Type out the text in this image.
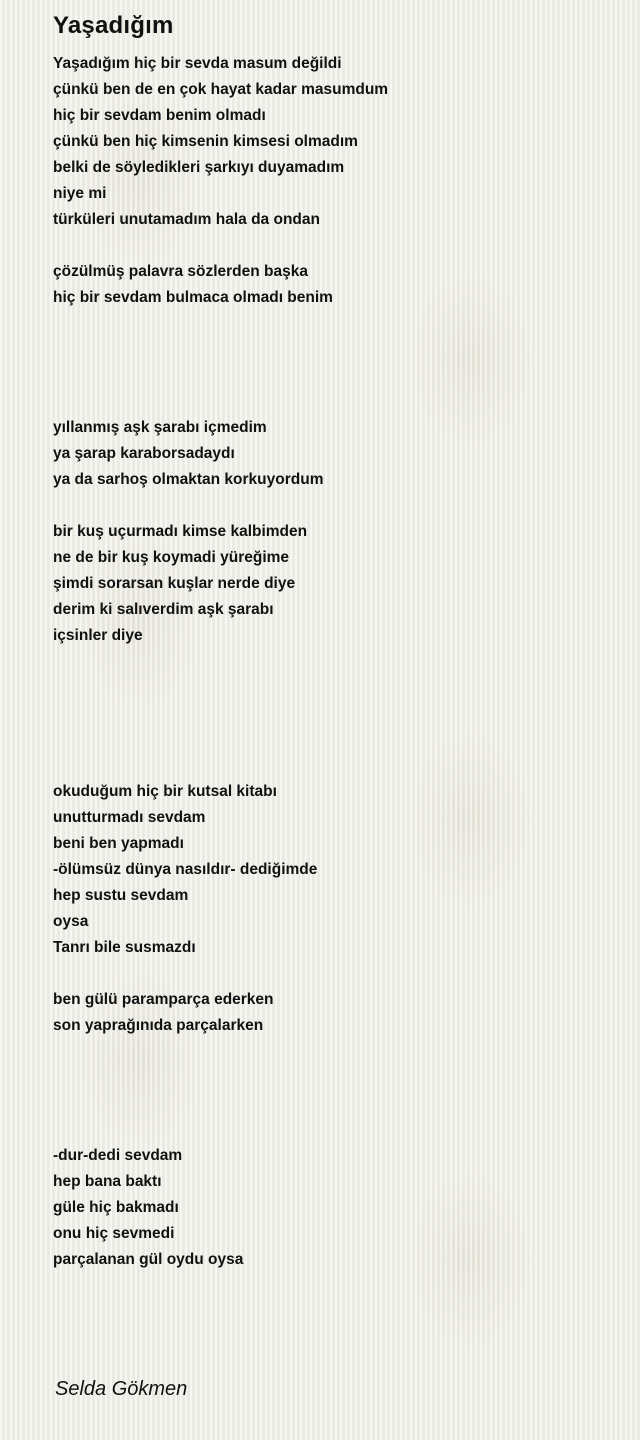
Yaşadığım
Yaşadığım hiç bir sevda masum değildi
çünkü ben de en çok hayat kadar masumdum
hiç bir sevdam benim olmadı
çünkü ben hiç kimsenin kimsesi olmadım
belki de söyledikleri şarkıyı duyamadım
niye mi
türküleri unutamadım hala da ondan
çözülmüş palavra sözlerden başka
hiç bir sevdam bulmaca olmadı benim
yıllanmış aşk şarabı içmedim
ya şarap karaborsadaydı
ya da sarhoş olmaktan korkuyordum
bir kuş uçurmadı kimse kalbimden
ne de bir kuş koymadi yüreğime
şimdi sorarsan kuşlar nerde diye
derim ki salıverdim aşk şarabı
içsinler diye
okuduğum hiç bir kutsal kitabı
unutturmadı sevdam
beni ben yapmadı
-ölümsüz dünya nasıldır- dediğimde
hep sustu sevdam
oysa
Tanrı bile susmazdı
ben gülü paramparça ederken
son yaprağınıda parçalarken
-dur-dedi sevdam
hep bana baktı
güle hiç bakmadı
onu hiç sevmedi
parçalanan gül oydu oysa
Selda Gökmen
